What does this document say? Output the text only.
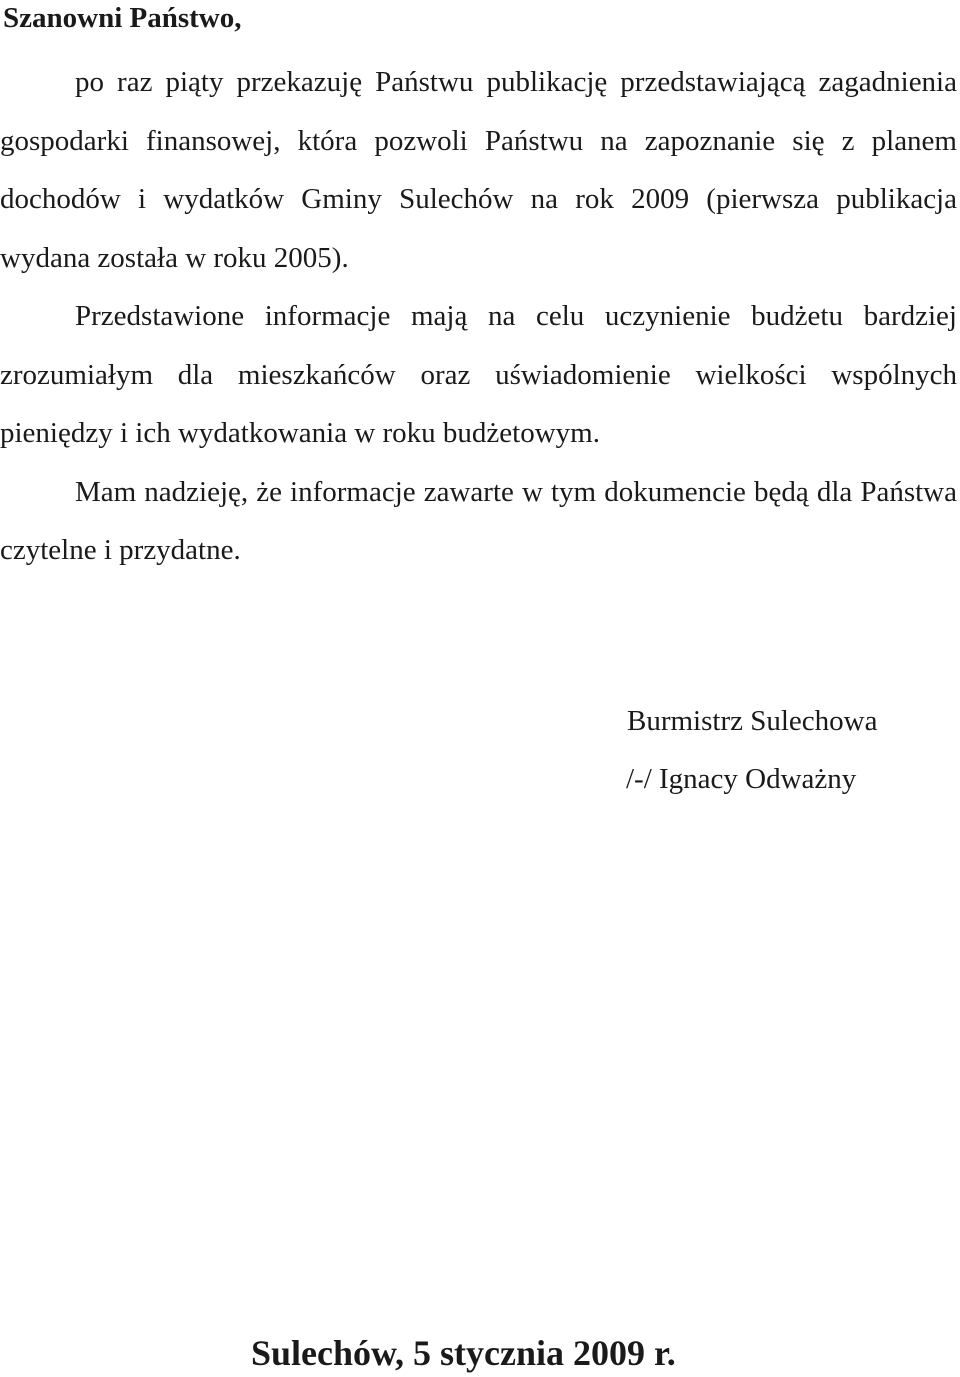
Szanowni Państwo,

po raz piąty przekazuję Państwu publikację przedstawiającą zagadnienia gospodarki finansowej, która pozwoli Państwu na zapoznanie się z planem dochodów i wydatków Gminy Sulechów na rok 2009 (pierwsza publikacja wydana została w roku 2005).

Przedstawione informacje mają na celu uczynienie budżetu bardziej zrozumiałym dla mieszkańców oraz uświadomienie wielkości wspólnych pieniędzy i ich wydatkowania w roku budżetowym.

Mam nadzieję, że informacje zawarte w tym dokumencie będą dla Państwa czytelne i przydatne.

Burmistrz Sulechowa
/-/ Ignacy Odważny
Sulechów, 5 stycznia 2009 r.
